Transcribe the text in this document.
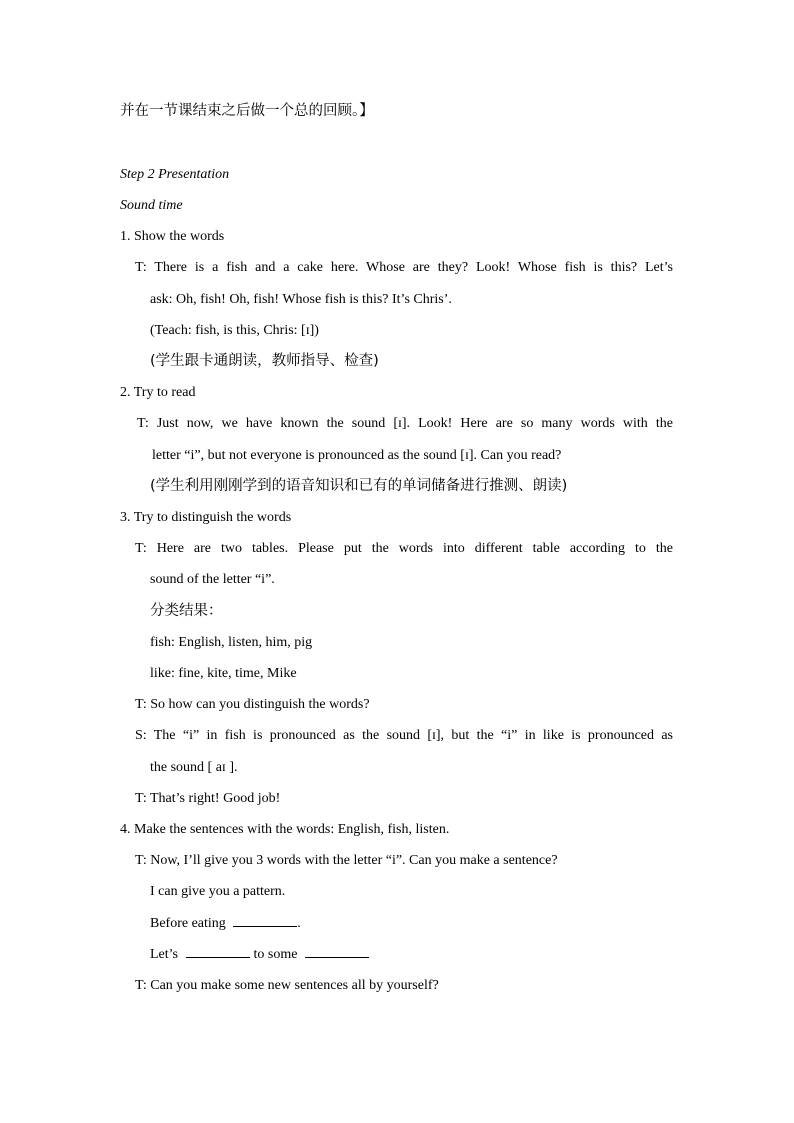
并在一节课结束之后做一个总的回顾。】
Step 2 Presentation
Sound time
1. Show the words
T: There is a fish and a cake here. Whose are they? Look! Whose fish is this? Let’s
ask: Oh, fish! Oh, fish! Whose fish is this? It’s Chris’.
(Teach: fish, is this, Chris: [ɪ])
(学生跟卡通朗读，教师指导、检查)
2. Try to read
T: Just now, we have known the sound [ɪ]. Look! Here are so many words with the
letter “i”, but not everyone is pronounced as the sound [ɪ]. Can you read?
(学生利用刚刚学到的语音知识和已有的单词储备进行推测、朗读)
3. Try to distinguish the words
T: Here are two tables. Please put the words into different table according to the
sound of the letter “i”.
分类结果：
fish: English, listen, him, pig
like: fine, kite, time, Mike
T: So how can you distinguish the words?
S: The “i” in fish is pronounced as the sound [ɪ], but the “i” in like is pronounced as
the sound [ aɪ ].
T: That’s right! Good job!
4. Make the sentences with the words: English, fish, listen.
T: Now, I’ll give you 3 words with the letter “i”. Can you make a sentence?
I can give you a pattern.
Before eating	.
Let’s	to some
T: Can you make some new sentences all by yourself?
